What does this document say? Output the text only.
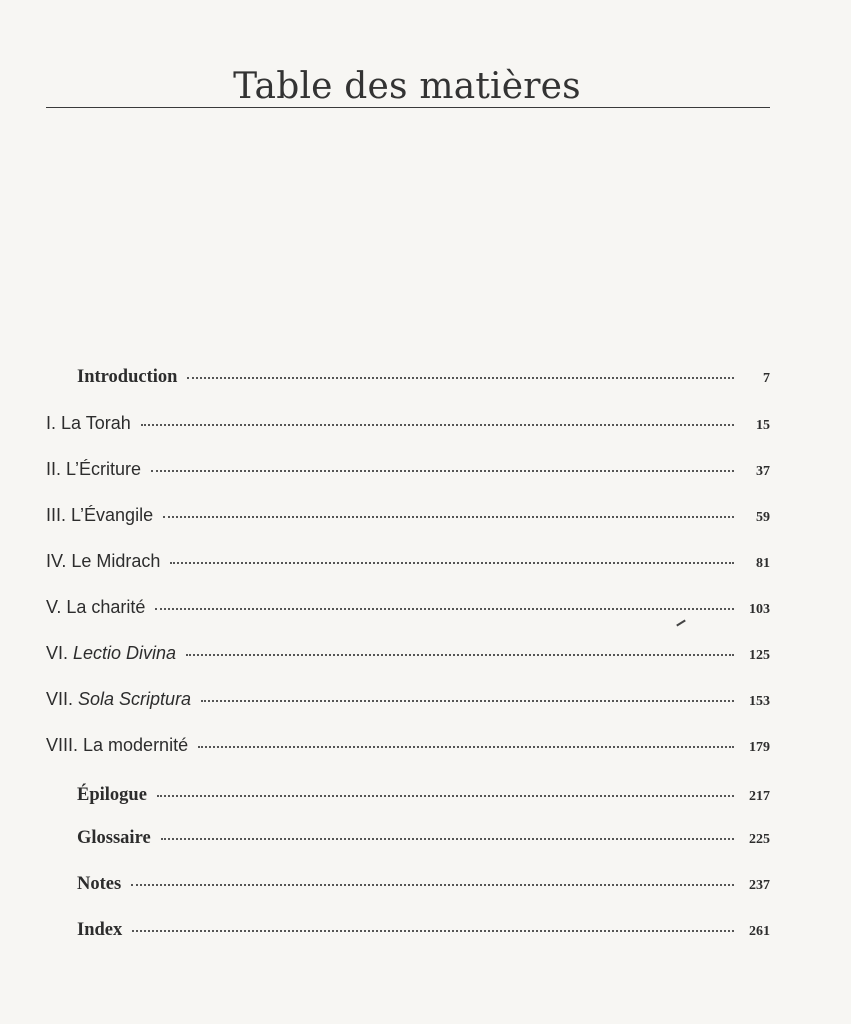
Table des matières
Introduction	7
I. La Torah	15
II. L’Écriture	37
III. L’Évangile	59
IV. Le Midrach	81
V. La charité	103
VI. Lectio Divina	125
VII. Sola Scriptura	153
VIII. La modernité	179
Épilogue	217
Glossaire	225
Notes	237
Index	261
